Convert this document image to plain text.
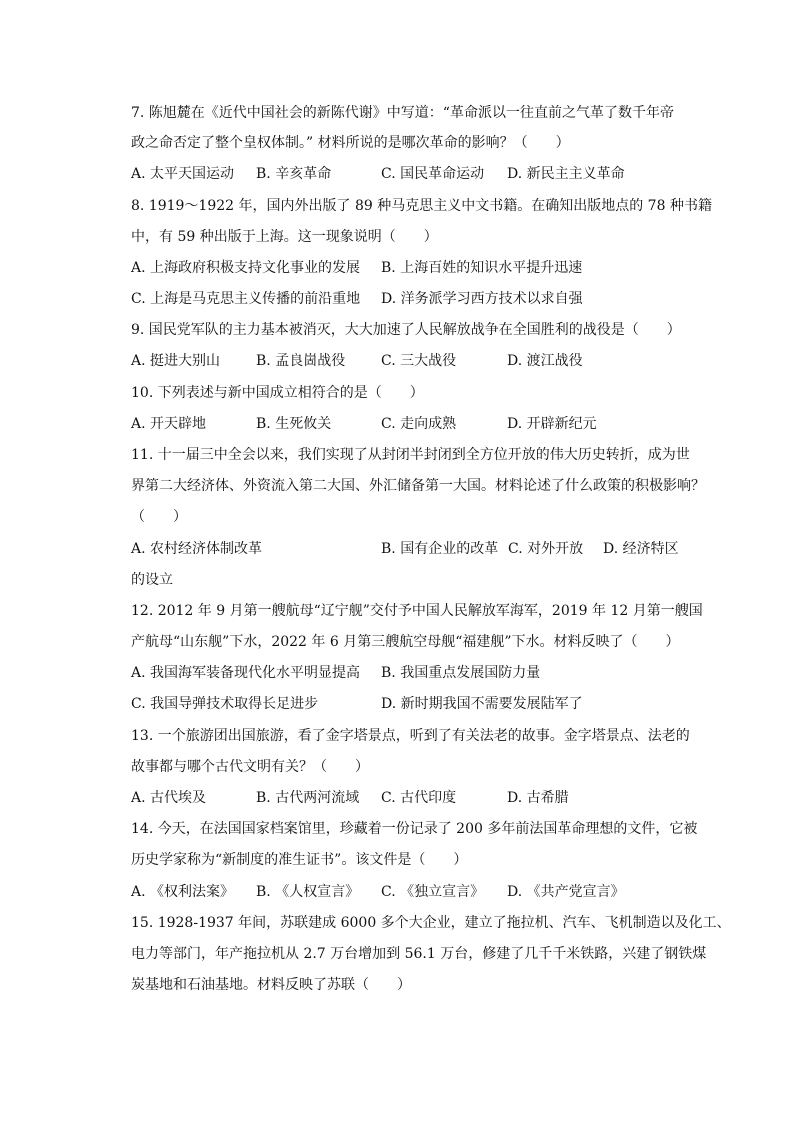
7. 陈旭麓在《近代中国社会的新陈代谢》中写道：“革命派以一往直前之气革了数千年帝
政之命否定了整个皇权体制。” 材料所说的是哪次革命的影响？（　　）
A. 太平天国运动 B. 辛亥革命	C. 国民革命运动 D. 新民主主义革命
8. 1919～1922 年，国内外出版了 89 种马克思主义中文书籍。在确知出版地点的 78 种书籍
中，有 59 种出版于上海。这一现象说明（　　）
A. 上海政府积极支持文化事业的发展 B. 上海百姓的知识水平提升迅速
C. 上海是马克思主义传播的前沿重地 D. 洋务派学习西方技术以求自强
9. 国民党军队的主力基本被消灭，大大加速了人民解放战争在全国胜利的战役是（　　）
A. 挺进大别山	B. 孟良崮战役	C. 三大战役	D. 渡江战役
10. 下列表述与新中国成立相符合的是（　　）
A. 开天辟地	B. 生死攸关	C. 走向成熟	D. 开辟新纪元
11. 十一届三中全会以来，我们实现了从封闭半封闭到全方位开放的伟大历史转折，成为世
界第二大经济体、外资流入第二大国、外汇储备第一大国。材料论述了什么政策的积极影响？
（　　）
A. 农村经济体制改革	B. 国有企业的改革 C. 对外开放 D. 经济特区
的设立
12. 2012 年 9 月第一艘航母“辽宁舰”交付予中国人民解放军海军，2019 年 12 月第一艘国
产航母“山东舰”下水，2022 年 6 月第三艘航空母舰“福建舰”下水。材料反映了（　　）
A. 我国海军装备现代化水平明显提高 B. 我国重点发展国防力量
C. 我国导弹技术取得长足进步	D. 新时期我国不需要发展陆军了
13. 一个旅游团出国旅游，看了金字塔景点，听到了有关法老的故事。金字塔景点、法老的
故事都与哪个古代文明有关？（　　）
A. 古代埃及	B. 古代两河流域 C. 古代印度	D. 古希腊
14. 今天，在法国国家档案馆里，珍藏着一份记录了 200 多年前法国革命理想的文件，它被
历史学家称为“新制度的准生证书”。该文件是（　　）
A. 《权利法案》 B. 《人权宣言》 C. 《独立宣言》 D. 《共产党宣言》
15. 1928-1937 年间，苏联建成 6000 多个大企业，建立了拖拉机、汽车、飞机制造以及化工、
电力等部门，年产拖拉机从 2.7 万台增加到 56.1 万台，修建了几千千米铁路，兴建了钢铁煤
炭基地和石油基地。材料反映了苏联（　　）
